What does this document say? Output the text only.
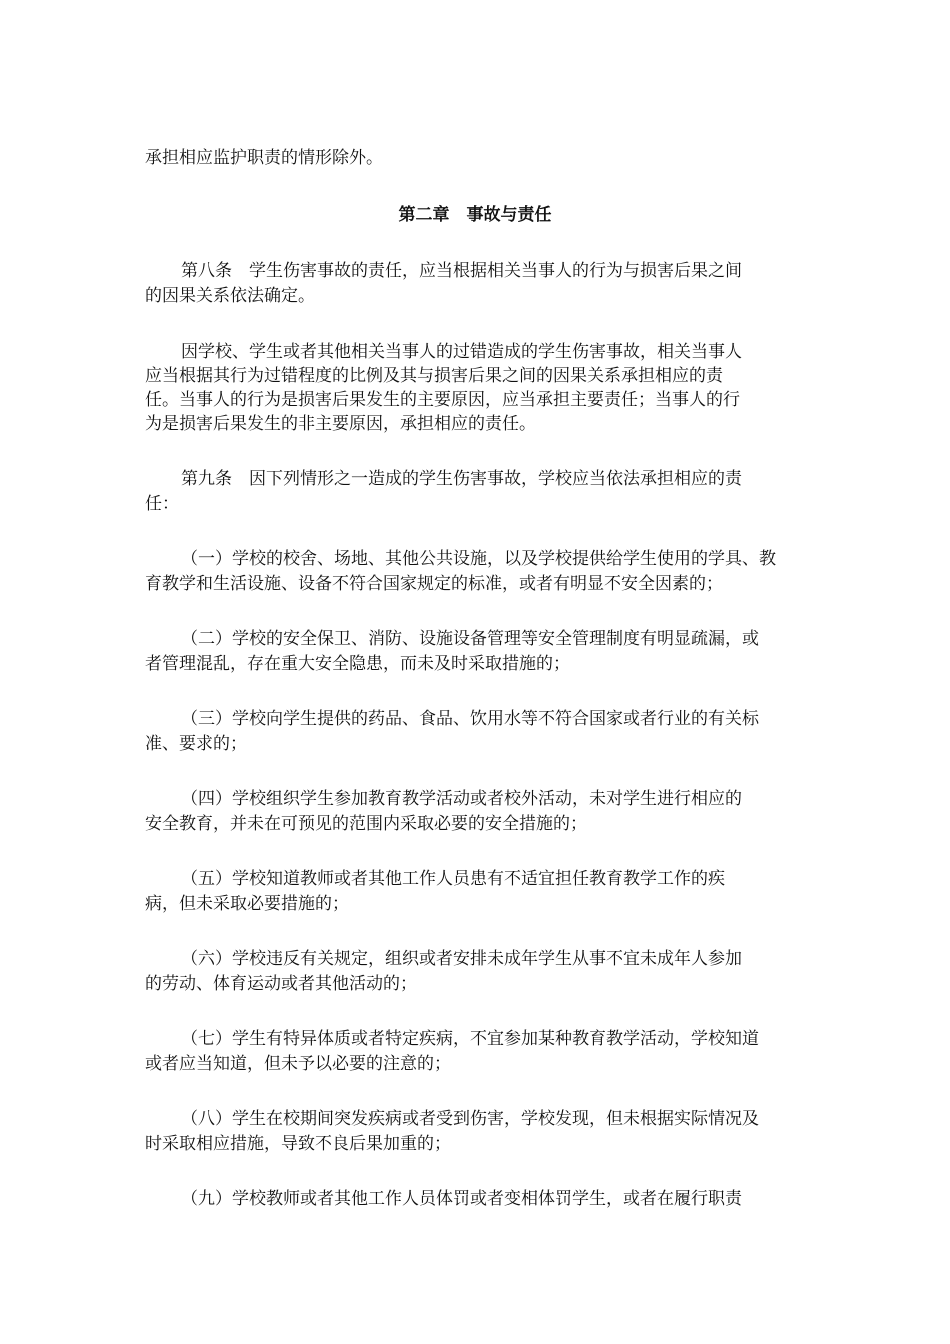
承担相应监护职责的情形除外。
第二章　事故与责任
第八条　学生伤害事故的责任，应当根据相关当事人的行为与损害后果之间
的因果关系依法确定。
因学校、学生或者其他相关当事人的过错造成的学生伤害事故，相关当事人
应当根据其行为过错程度的比例及其与损害后果之间的因果关系承担相应的责
任。当事人的行为是损害后果发生的主要原因，应当承担主要责任；当事人的行
为是损害后果发生的非主要原因，承担相应的责任。
第九条　因下列情形之一造成的学生伤害事故，学校应当依法承担相应的责
任：
（一）学校的校舍、场地、其他公共设施，以及学校提供给学生使用的学具、教
育教学和生活设施、设备不符合国家规定的标准，或者有明显不安全因素的；
（二）学校的安全保卫、消防、设施设备管理等安全管理制度有明显疏漏，或
者管理混乱，存在重大安全隐患，而未及时采取措施的；
（三）学校向学生提供的药品、食品、饮用水等不符合国家或者行业的有关标
准、要求的；
（四）学校组织学生参加教育教学活动或者校外活动，未对学生进行相应的
安全教育，并未在可预见的范围内采取必要的安全措施的；
（五）学校知道教师或者其他工作人员患有不适宜担任教育教学工作的疾
病，但未采取必要措施的；
（六）学校违反有关规定，组织或者安排未成年学生从事不宜未成年人参加
的劳动、体育运动或者其他活动的；
（七）学生有特异体质或者特定疾病，不宜参加某种教育教学活动，学校知道
或者应当知道，但未予以必要的注意的；
（八）学生在校期间突发疾病或者受到伤害，学校发现，但未根据实际情况及
时采取相应措施，导致不良后果加重的；
（九）学校教师或者其他工作人员体罚或者变相体罚学生，或者在履行职责
